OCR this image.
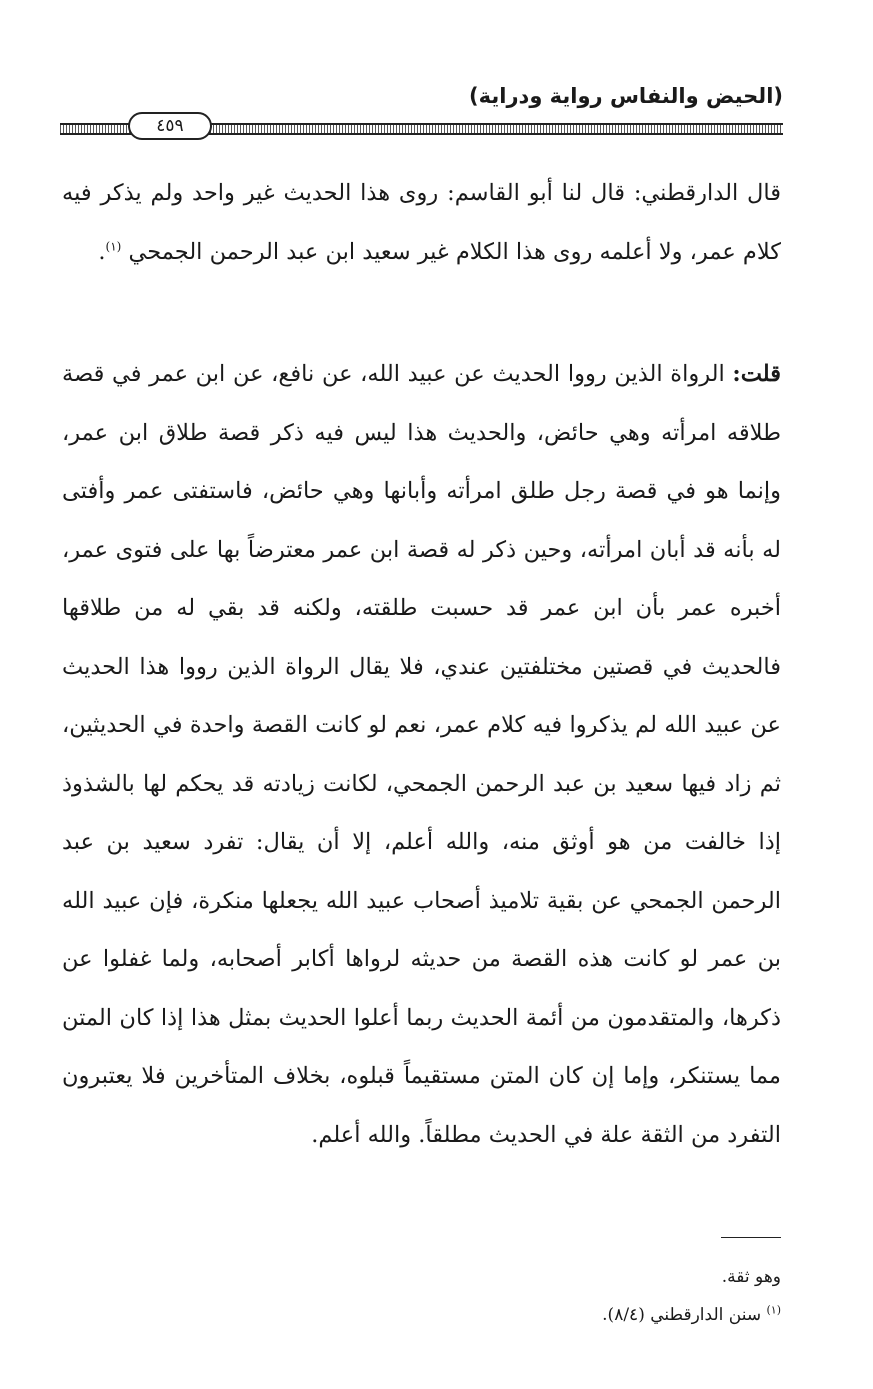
(الحيض والنفاس رواية ودراية)
٤٥٩
قال الدارقطني: قال لنا أبو القاسم: روى هذا الحديث غير واحد ولم يذكر فيه كلام عمر، ولا أعلمه روى هذا الكلام غير سعيد ابن عبد الرحمن الجمحي $^{(١)}$.
قلت: الرواة الذين رووا الحديث عن عبيد الله، عن نافع، عن ابن عمر في قصة طلاقه امرأته وهي حائض، والحديث هذا ليس فيه ذكر قصة طلاق ابن عمر، وإنما هو في قصة رجل طلق امرأته وأبانها وهي حائض، فاستفتى عمر وأفتى له بأنه قد أبان امرأته، وحين ذكر له قصة ابن عمر معترضاً بها على فتوى عمر، أخبره عمر بأن ابن عمر قد حسبت طلقته، ولكنه قد بقي له من طلاقها فالحديث في قصتين مختلفتين عندي، فلا يقال الرواة الذين رووا هذا الحديث عن عبيد الله لم يذكروا فيه كلام عمر، نعم لو كانت القصة واحدة في الحديثين، ثم زاد فيها سعيد بن عبد الرحمن الجمحي، لكانت زيادته قد يحكم لها بالشذوذ إذا خالفت من هو أوثق منه، والله أعلم، إلا أن يقال: تفرد سعيد بن عبد الرحمن الجمحي عن بقية تلاميذ أصحاب عبيد الله يجعلها منكرة، فإن عبيد الله بن عمر لو كانت هذه القصة من حديثه لرواها أكابر أصحابه، ولما غفلوا عن ذكرها، والمتقدمون من أئمة الحديث ربما أعلوا الحديث بمثل هذا إذا كان المتن مما يستنكر، وإما إن كان المتن مستقيماً قبلوه، بخلاف المتأخرين فلا يعتبرون التفرد من الثقة علة في الحديث مطلقاً. والله أعلم.
وهو ثقة.
$^{(١)}$ سنن الدارقطني (٨/٤).
